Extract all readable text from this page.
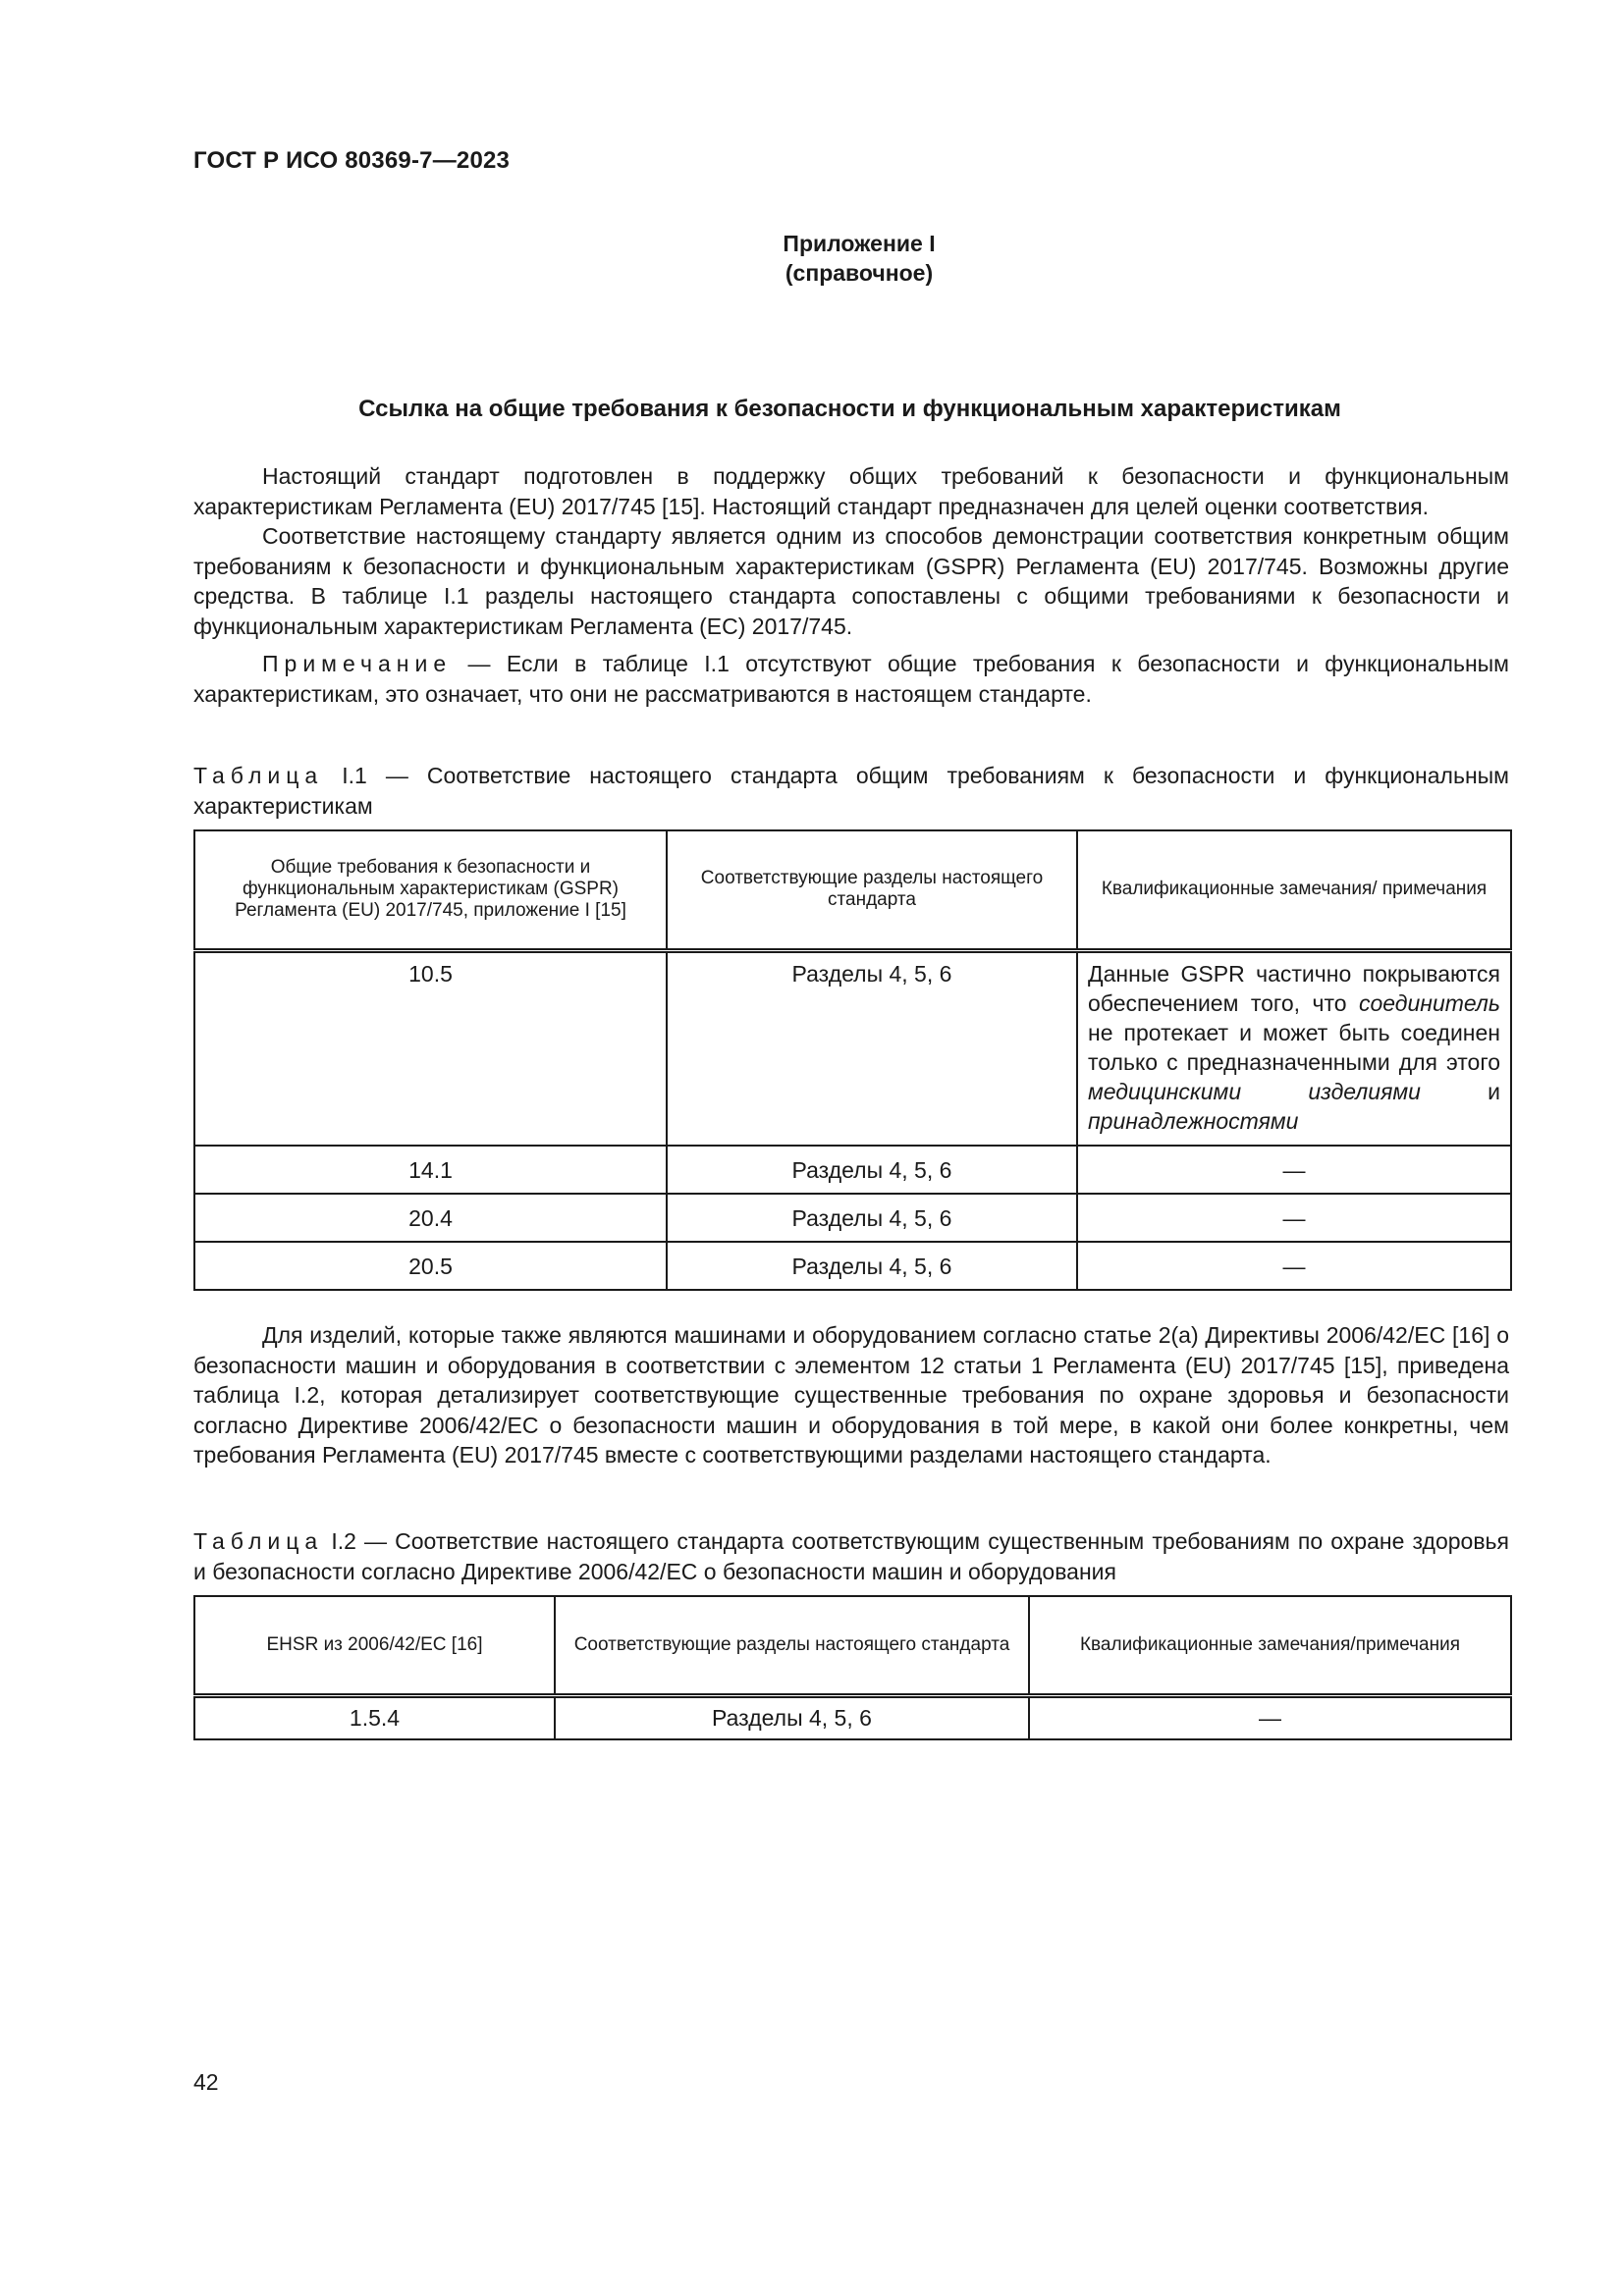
ГОСТ Р ИСО 80369-7—2023
Приложение I
(справочное)
Ссылка на общие требования к безопасности и функциональным характеристикам

Настоящий стандарт подготовлен в поддержку общих требований к безопасности и функциональным характеристикам Регламента (EU) 2017/745 [15]. Настоящий стандарт предназначен для целей оценки соответствия.

Соответствие настоящему стандарту является одним из способов демонстрации соответствия конкретным общим требованиям к безопасности и функциональным характеристикам (GSPR) Регламента (EU) 2017/745. Возможны другие средства. В таблице I.1 разделы настоящего стандарта сопоставлены с общими требованиями к безопасности и функциональным характеристикам Регламента (EC) 2017/745.

Примечание — Если в таблице I.1 отсутствуют общие требования к безопасности и функциональным характеристикам, это означает, что они не рассматриваются в настоящем стандарте.

Таблица I.1 — Соответствие настоящего стандарта общим требованиям к безопасности и функциональным характеристикам
Общие требования к безопасности и функциональным характеристикам (GSPR) Регламента (EU) 2017/745, приложение I [15]	Соответствующие разделы настоящего стандарта	Квалификационные замечания/ примечания
10.5	Разделы 4, 5, 6	Данные GSPR частично покрываются обеспечением того, что соединитель не протекает и может быть соединен только с предназначенными для этого медицинскими изделиями и принадлежностями
14.1	Разделы 4, 5, 6	—
20.4	Разделы 4, 5, 6	—
20.5	Разделы 4, 5, 6	—

Для изделий, которые также являются машинами и оборудованием согласно статье 2(а) Директивы 2006/42/EC [16] о безопасности машин и оборудования в соответствии с элементом 12 статьи 1 Регламента (EU) 2017/745 [15], приведена таблица I.2, которая детализирует соответствующие существенные требования по охране здоровья и безопасности согласно Директиве 2006/42/EC о безопасности машин и оборудования в той мере, в какой они более конкретны, чем требования Регламента (EU) 2017/745 вместе с соответствующими разделами настоящего стандарта.

Таблица I.2 — Соответствие настоящего стандарта соответствующим существенным требованиям по охране здоровья и безопасности согласно Директиве 2006/42/EC о безопасности машин и оборудования
EHSR из 2006/42/EC [16]	Соответствующие разделы настоящего стандарта	Квалификационные замечания/примечания
1.5.4	Разделы 4, 5, 6	—
42
